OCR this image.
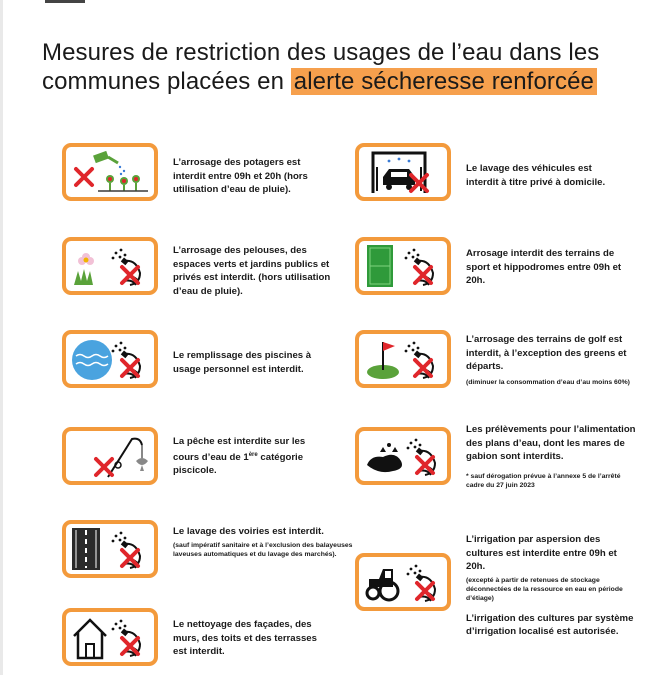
Mesures de restriction des usages de l’eau dans les
communes placées en alerte sécheresse renforcée
L’arrosage des potagers est interdit entre 09h et 20h (hors utilisation d’eau de pluie).
L’arrosage des pelouses, des espaces verts et jardins publics et privés est interdit. (hors utilisation d’eau de pluie).
Le remplissage des piscines à usage personnel est interdit.
La pêche est interdite sur les cours d’eau de 1ère catégorie piscicole.
Le lavage des voiries est interdit.
(sauf impératif sanitaire et à l’exclusion des balayeuses laveuses automatiques et du lavage des marchés).
Le nettoyage des façades, des murs, des toits et des terrasses est interdit.
Le lavage des véhicules est interdit à titre privé à domicile.
Arrosage interdit des terrains de sport et hippodromes entre 09h et 20h.
L’arrosage des terrains de golf est interdit, à l’exception des greens et départs.
(diminuer la consommation d’eau d’au moins 60%)
Les prélèvements pour l’alimentation des plans d’eau, dont les mares de gabion sont interdits.
* sauf dérogation prévue à l’annexe 5 de l’arrêté cadre du 27 juin 2023
L’irrigation par aspersion des cultures est interdite entre 09h et 20h.
(excepté à partir de retenues de stockage déconnectées de la ressource en eau en période d’étiage)
L’irrigation des cultures par système d’irrigation localisé est autorisée.
